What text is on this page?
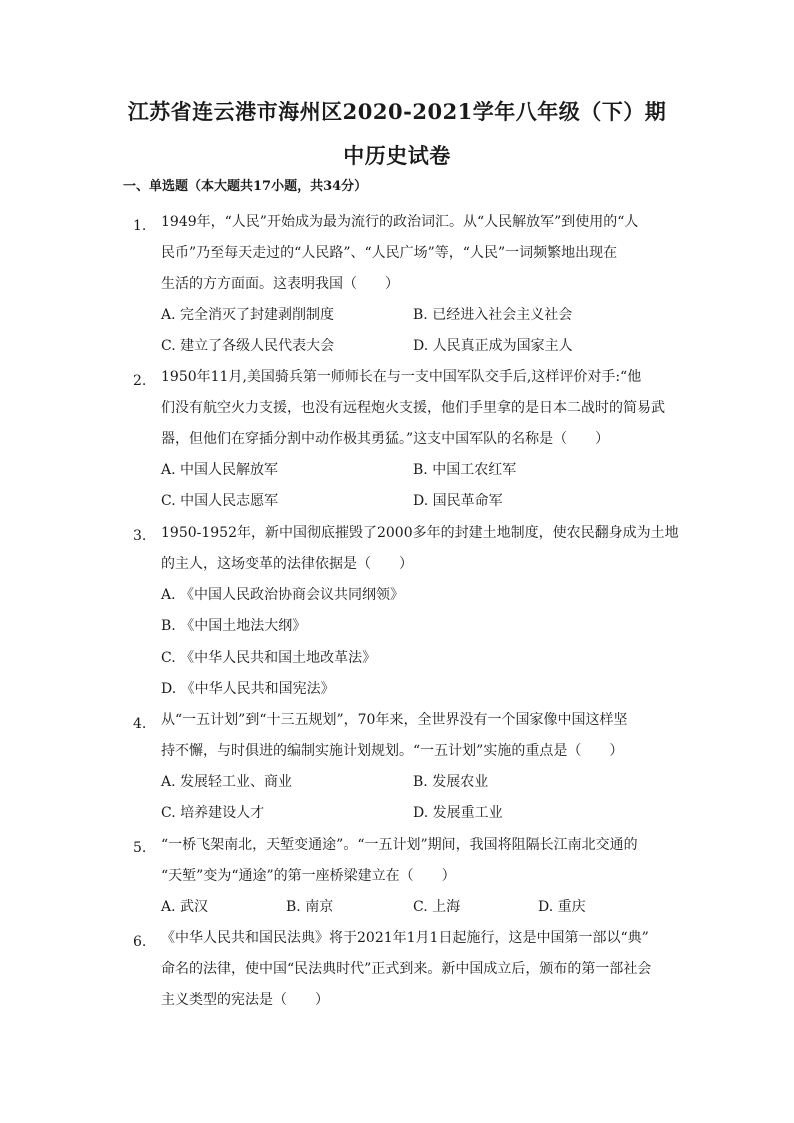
江苏省连云港市海州区2020-2021学年八年级（下）期
中历史试卷
一、单选题（本大题共17小题，共34分）
1. 1949年，“人民”开始成为最为流行的政治词汇。从“人民解放军”到使用的“人
民币”乃至每天走过的“人民路”、“人民广场”等，“人民”一词频繁地出现在
生活的方方面面。这表明我国（　　）
A. 完全消灭了封建剥削制度	B. 已经进入社会主义社会
C. 建立了各级人民代表大会	D. 人民真正成为国家主人
2. 1950年11月,美国骑兵第一师师长在与一支中国军队交手后,这样评价对手:“他
们没有航空火力支援，也没有远程炮火支援，他们手里拿的是日本二战时的简易武
器，但他们在穿插分割中动作极其勇猛。”这支中国军队的名称是（　　）
A. 中国人民解放军	B. 中国工农红军
C. 中国人民志愿军	D. 国民革命军
3. 1950-1952年，新中国彻底摧毁了2000多年的封建土地制度，使农民翻身成为土地
的主人，这场变革的法律依据是（　　）
A. 《中国人民政治协商会议共同纲领》
B. 《中国土地法大纲》
C. 《中华人民共和国土地改革法》
D. 《中华人民共和国宪法》
4. 从“一五计划”到“十三五规划”，70年来，全世界没有一个国家像中国这样坚
持不懈，与时俱进的编制实施计划规划。“一五计划”实施的重点是（　　）
A. 发展轻工业、商业	B. 发展农业
C. 培养建设人才	D. 发展重工业
5. “一桥飞架南北，天堑变通途”。“一五计划”期间，我国将阻隔长江南北交通的
“天堑”变为“通途”的第一座桥梁建立在（　　）
A. 武汉	B. 南京	C. 上海	D. 重庆
6. 《中华人民共和国民法典》将于2021年1月1日起施行，这是中国第一部以“典”
命名的法律，使中国“民法典时代”正式到来。新中国成立后，颁布的第一部社会
主义类型的宪法是（　　）
